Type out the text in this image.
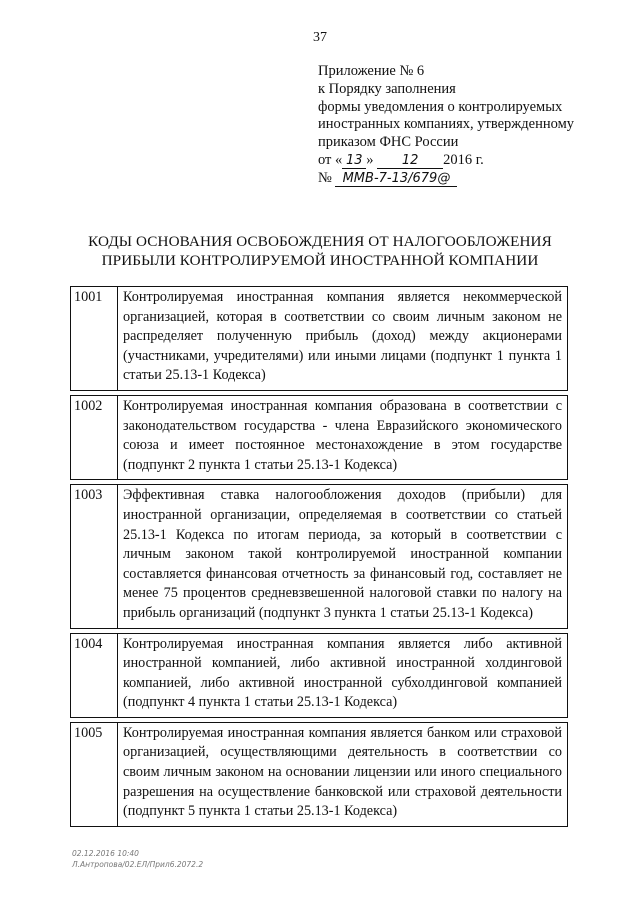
37
Приложение № 6
к Порядку заполнения
формы уведомления о контролируемых
иностранных компаниях, утвержденному
приказом ФНС России
от « 13 » 12 2016 г.
№ ММВ-7-13/679@
КОДЫ ОСНОВАНИЯ ОСВОБОЖДЕНИЯ ОТ НАЛОГООБЛОЖЕНИЯ
ПРИБЫЛИ КОНТРОЛИРУЕМОЙ ИНОСТРАННОЙ КОМПАНИИ
1001	Контролируемая иностранная компания является некоммерческой организацией, которая в соответствии со своим личным законом не распределяет полученную прибыль (доход) между акционерами (участниками, учредителями) или иными лицами (подпункт 1 пункта 1 статьи 25.13-1 Кодекса)

1002	Контролируемая иностранная компания образована в соответствии с законодательством государства - члена Евразийского экономического союза и имеет постоянное местонахождение в этом государстве (подпункт 2 пункта 1 статьи 25.13-1 Кодекса)

1003	Эффективная ставка налогообложения доходов (прибыли) для иностранной организации, определяемая в соответствии со статьей 25.13-1 Кодекса по итогам периода, за который в соответствии с личным законом такой контролируемой иностранной компании составляется финансовая отчетность за финансовый год, составляет не менее 75 процентов средневзвешенной налоговой ставки по налогу на прибыль организаций (подпункт 3 пункта 1 статьи 25.13-1 Кодекса)

1004	Контролируемая иностранная компания является либо активной иностранной компанией, либо активной иностранной холдинговой компанией, либо активной иностранной субхолдинговой компанией (подпункт 4 пункта 1 статьи 25.13-1 Кодекса)

1005	Контролируемая иностранная компания является банком или страховой организацией, осуществляющими деятельность в соответствии со своим личным законом на основании лицензии или иного специального разрешения на осуществление банковской или страховой деятельности (подпункт 5 пункта 1 статьи 25.13-1 Кодекса)
02.12.2016 10:40
Л.Антропова/02.ЕЛ/Прил6.2072.2
